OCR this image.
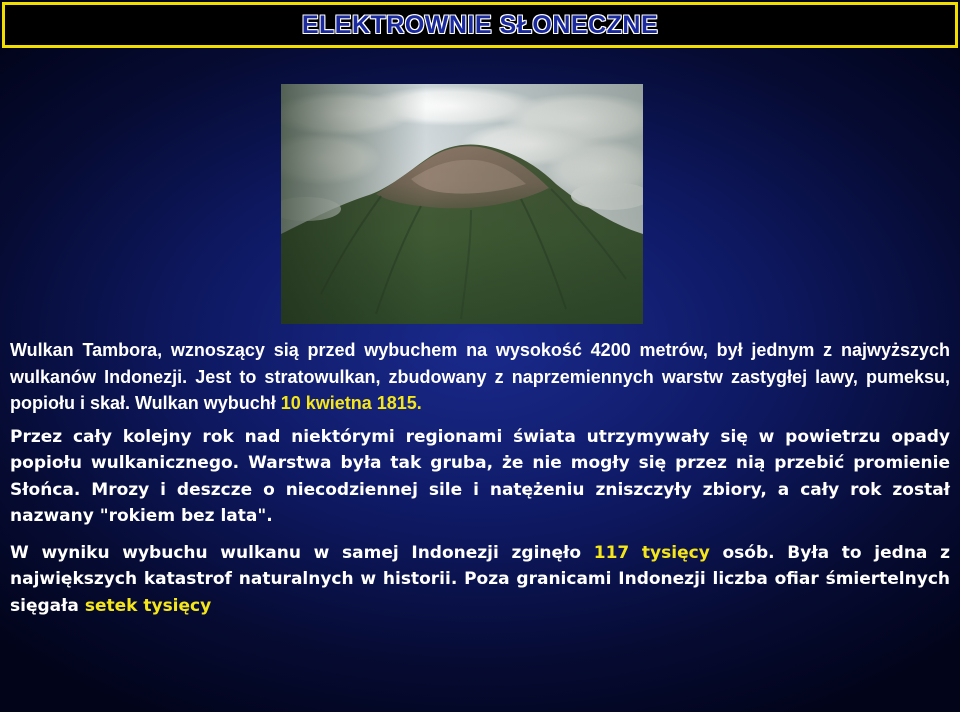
ELEKTROWNIE SŁONECZNE

Wulkan Tambora, wznoszący sią przed wybuchem na wysokość 4200 metrów, był jednym z najwyższych wulkanów Indonezji. Jest to stratowulkan, zbudowany z naprzemiennych warstw zastygłej lawy, pumeksu, popiołu i skał. Wulkan wybuchł 10 kwietna 1815.

Przez cały kolejny rok nad niektórymi regionami świata utrzymywały się w powietrzu opady popiołu wulkanicznego. Warstwa była tak gruba, że nie mogły się przez nią przebić promienie Słońca. Mrozy i deszcze o niecodziennej sile i natężeniu zniszczyły zbiory, a cały rok został nazwany "rokiem bez lata".

W wyniku wybuchu wulkanu w samej Indonezji zginęło 117 tysięcy osób. Była to jedna z największych katastrof naturalnych w historii. Poza granicami Indonezji liczba ofiar śmiertelnych sięgała setek tysięcy
